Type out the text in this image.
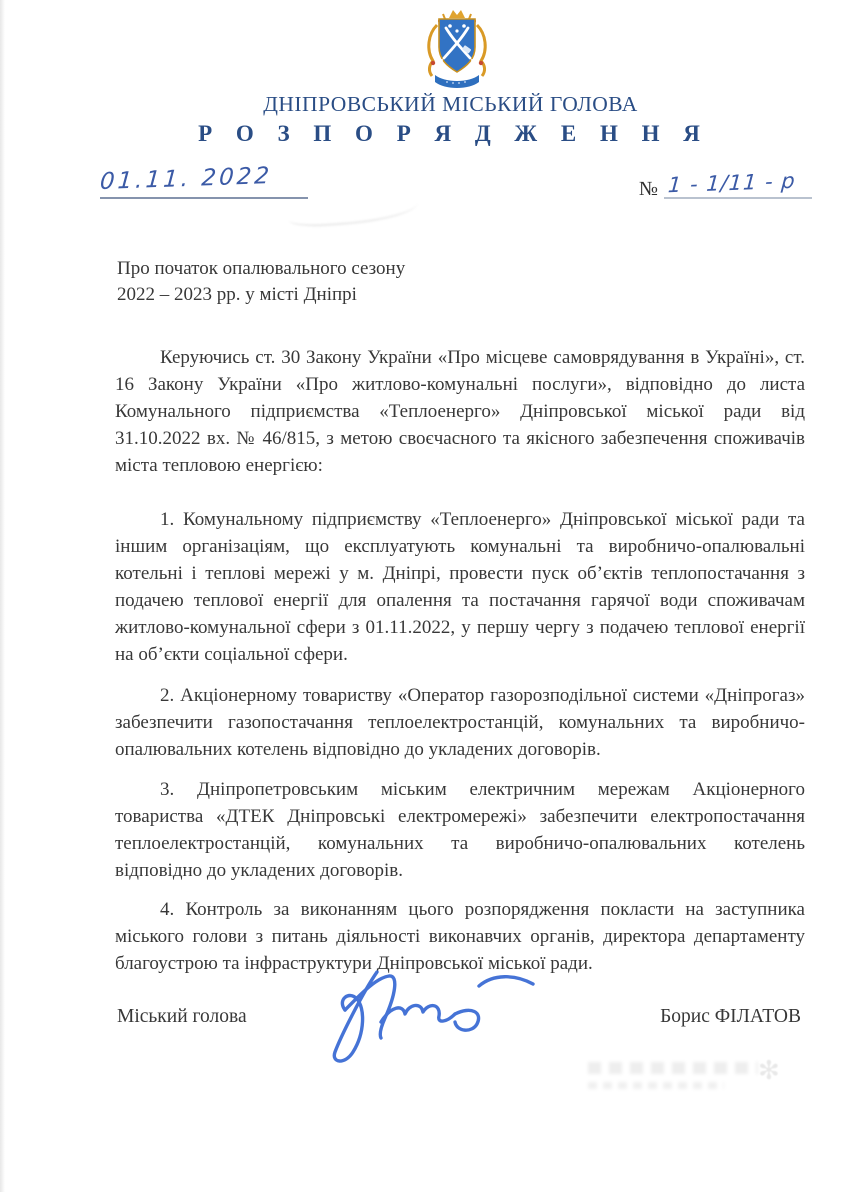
ДНІПРОВСЬКИЙ МІСЬКИЙ ГОЛОВА
Р О З П О Р Я Д Ж Е Н Н Я
01.11. 2022	№ 1 - 1/11 - р
Про початок опалювального сезону
2022 – 2023 рр. у місті Дніпрі

Керуючись ст. 30 Закону України «Про місцеве самоврядування в Україні», ст. 16 Закону України «Про житлово-комунальні послуги», відповідно до листа Комунального підприємства «Теплоенерго» Дніпровської міської ради від 31.10.2022 вх. № 46/815, з метою своєчасного та якісного забезпечення споживачів міста тепловою енергією:

1. Комунальному підприємству «Теплоенерго» Дніпровської міської ради та іншим організаціям, що експлуатують комунальні та виробничо-опалювальні котельні і теплові мережі у м. Дніпрі, провести пуск об’єктів теплопостачання з подачею теплової енергії для опалення та постачання гарячої води споживачам житлово-комунальної сфери з 01.11.2022, у першу чергу з подачею теплової енергії на об’єкти соціальної сфери.

2. Акціонерному товариству «Оператор газорозподільної системи «Дніпрогаз» забезпечити газопостачання теплоелектростанцій, комунальних та виробничо-опалювальних котелень відповідно до укладених договорів.

3. Дніпропетровським міським електричним мережам Акціонерного товариства «ДТЕК Дніпровські електромережі» забезпечити електропостачання теплоелектростанцій, комунальних та виробничо-опалювальних котелень відповідно до укладених договорів.

4. Контроль за виконанням цього розпорядження покласти на заступника міського голови з питань діяльності виконавчих органів, директора департаменту благоустрою та інфраструктури Дніпровської міської ради.

Міський голова	Борис ФІЛАТОВ
✻
